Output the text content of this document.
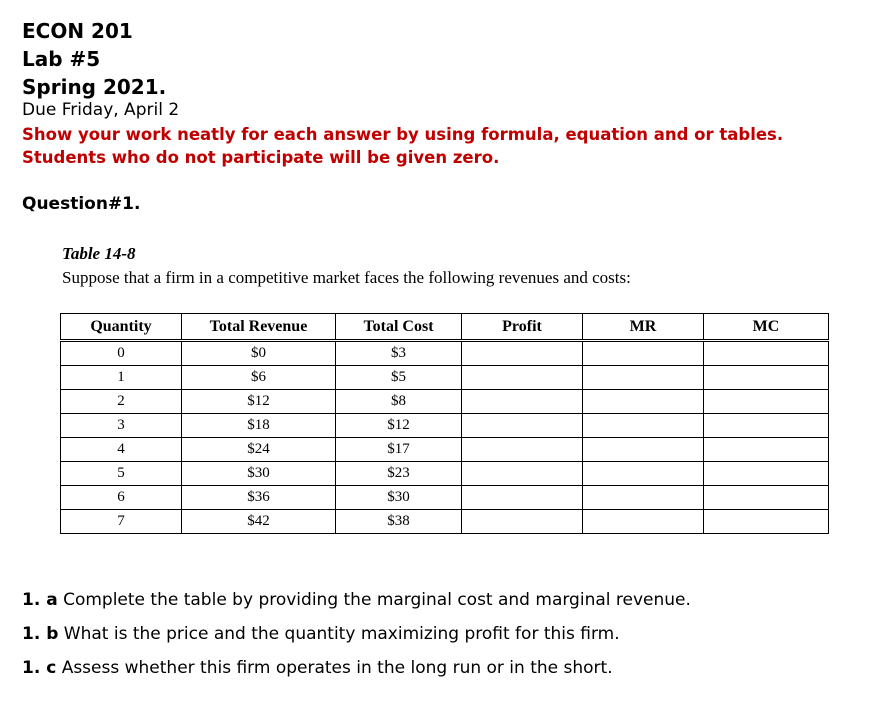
ECON 201
Lab #5
Spring 2021.
Due Friday, April 2
Show your work neatly for each answer by using formula, equation and or tables.
Students who do not participate will be given zero.
Question#1.
Table 14-8
Suppose that a firm in a competitive market faces the following revenues and costs:
Quantity	Total Revenue	Total Cost	Profit	MR	MC
0	$0	$3			
1	$6	$5			
2	$12	$8			
3	$18	$12			
4	$24	$17			
5	$30	$23			
6	$36	$30			
7	$42	$38			
1. a Complete the table by providing the marginal cost and marginal revenue.
1. b What is the price and the quantity maximizing profit for this firm.
1. c Assess whether this firm operates in the long run or in the short.
